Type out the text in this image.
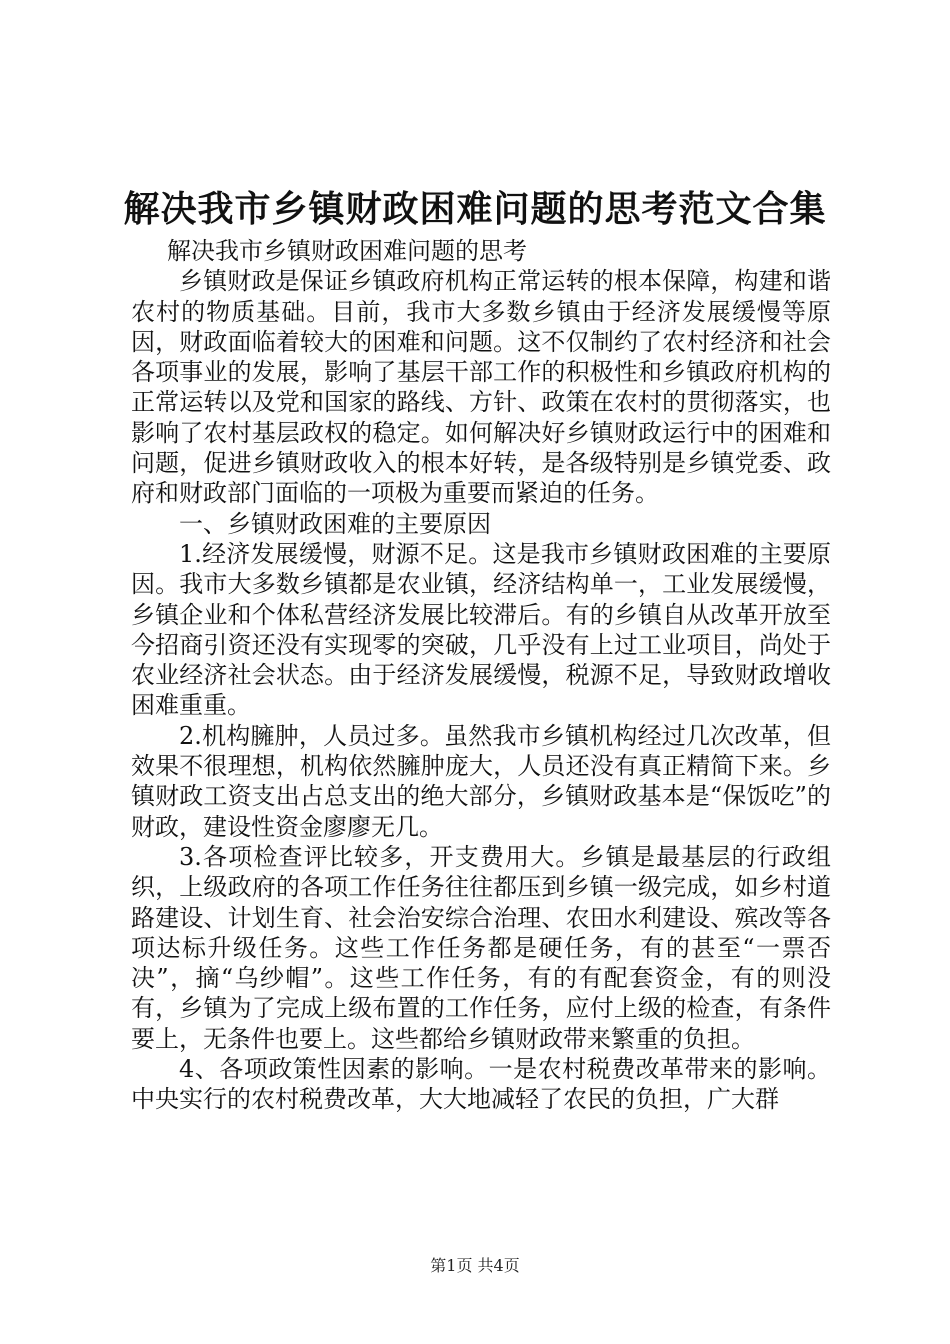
解决我市乡镇财政困难问题的思考范文合集

解决我市乡镇财政困难问题的思考

乡镇财政是保证乡镇政府机构正常运转的根本保障，构建和谐农村的物质基础。目前，我市大多数乡镇由于经济发展缓慢等原因，财政面临着较大的困难和问题。这不仅制约了农村经济和社会各项事业的发展，影响了基层干部工作的积极性和乡镇政府机构的正常运转以及党和国家的路线、方针、政策在农村的贯彻落实，也影响了农村基层政权的稳定。如何解决好乡镇财政运行中的困难和问题，促进乡镇财政收入的根本好转，是各级特别是乡镇党委、政府和财政部门面临的一项极为重要而紧迫的任务。

一、乡镇财政困难的主要原因

1.经济发展缓慢，财源不足。这是我市乡镇财政困难的主要原因。我市大多数乡镇都是农业镇，经济结构单一，工业发展缓慢，乡镇企业和个体私营经济发展比较滞后。有的乡镇自从改革开放至今招商引资还没有实现零的突破，几乎没有上过工业项目，尚处于农业经济社会状态。由于经济发展缓慢，税源不足，导致财政增收困难重重。

2.机构臃肿，人员过多。虽然我市乡镇机构经过几次改革，但效果不很理想，机构依然臃肿庞大，人员还没有真正精简下来。乡镇财政工资支出占总支出的绝大部分，乡镇财政基本是“保饭吃”的财政，建设性资金廖廖无几。

3.各项检查评比较多，开支费用大。乡镇是最基层的行政组织，上级政府的各项工作任务往往都压到乡镇一级完成，如乡村道路建设、计划生育、社会治安综合治理、农田水利建设、殡改等各项达标升级任务。这些工作任务都是硬任务，有的甚至“一票否决”，摘“乌纱帽”。这些工作任务，有的有配套资金，有的则没有，乡镇为了完成上级布置的工作任务，应付上级的检查，有条件要上，无条件也要上。这些都给乡镇财政带来繁重的负担。

4、各项政策性因素的影响。一是农村税费改革带来的影响。中央实行的农村税费改革，大大地减轻了农民的负担，广大群

第1页 共4页
